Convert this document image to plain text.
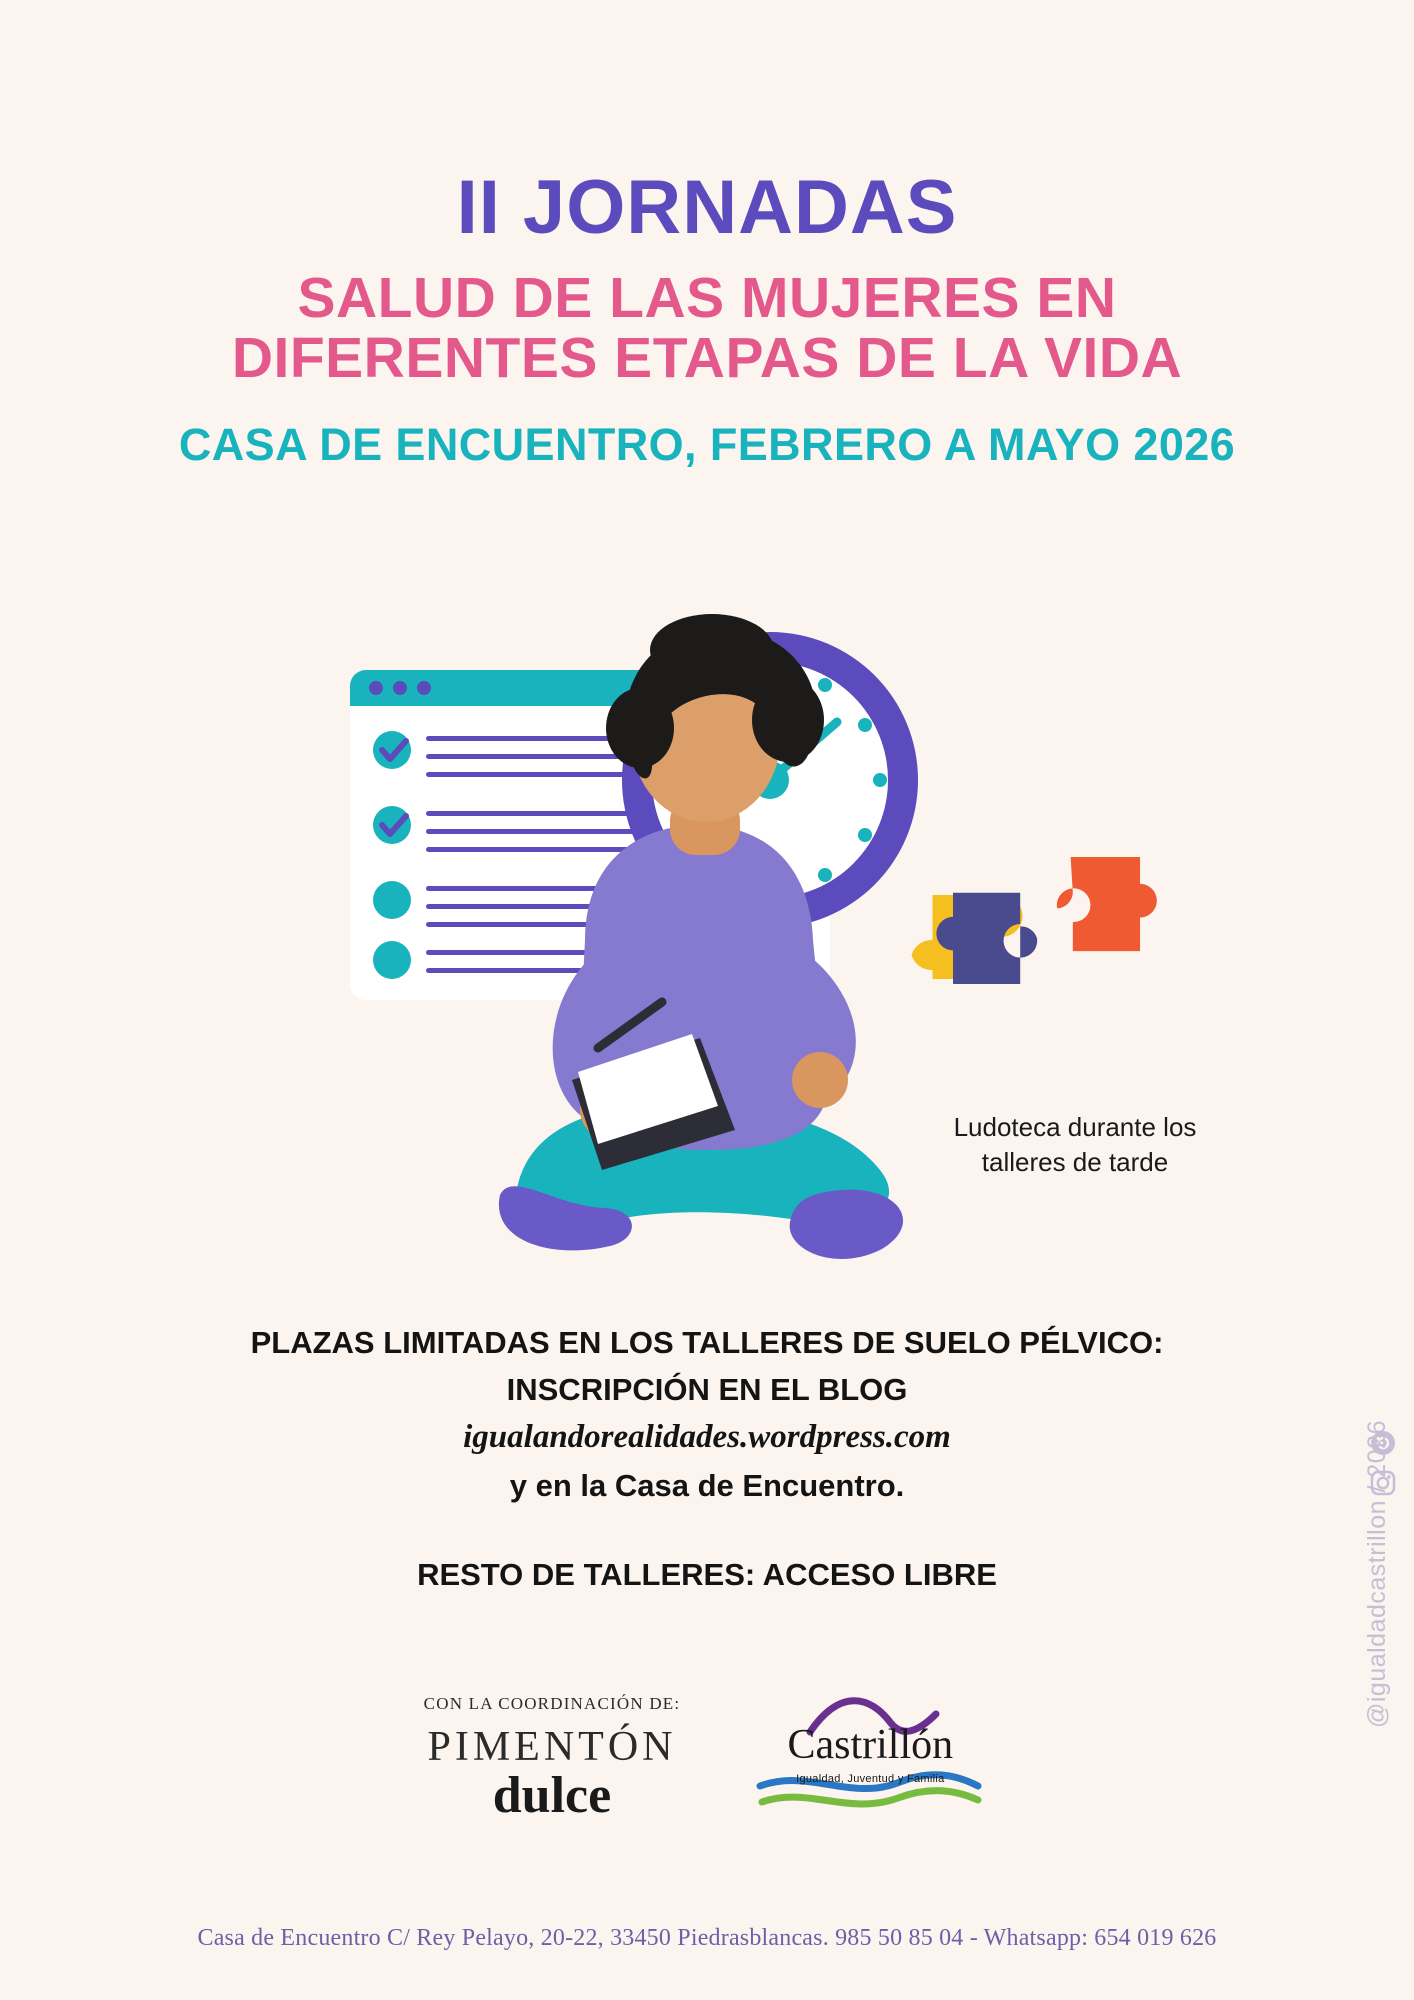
II JORNADAS
SALUD DE LAS MUJERES EN
DIFERENTES ETAPAS DE LA VIDA
CASA DE ENCUENTRO, FEBRERO A MAYO 2026
Ludoteca durante los
talleres de tarde
PLAZAS LIMITADAS EN LOS TALLERES DE SUELO PÉLVICO:
INSCRIPCIÓN EN EL BLOG
igualandorealidades.wordpress.com
y en la Casa de Encuentro.
RESTO DE TALLERES: ACCESO LIBRE
CON LA COORDINACIÓN DE:
PIMENTÓN
dulce
Castrillón
Igualdad, Juventud y Familia
@igualdadcastrillon / 2026
Casa de Encuentro C/ Rey Pelayo, 20-22, 33450 Piedrasblancas. 985 50 85 04 - Whatsapp: 654 019 626
